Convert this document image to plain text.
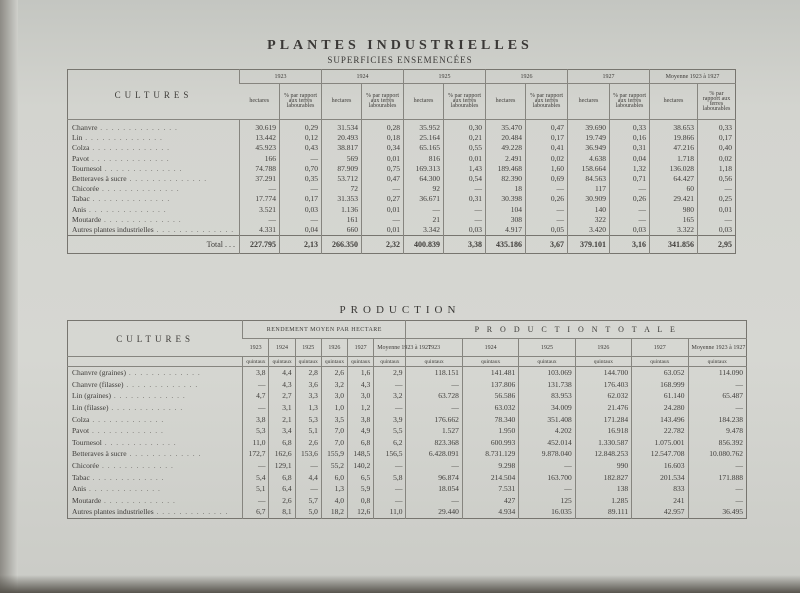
PLANTES INDUSTRIELLES
SUPERFICIES ENSEMENCÉES
CULTURES	1923		1924		1925		1926		1927		Moyenne 1923 à 1927	
	hectares	% par rapport aux terres labourables	hectares	% par rapport aux terres labourables	hectares	% par rapport aux terres labourables	hectares	% par rapport aux terres labourables	hectares	% par rapport aux terres labourables	hectares	% par rapport aux terres labourables

Chanvre . . . . . . . . . . . . . .	30.619	0,29	31.534	0,28	35.952	0,30	35.470	0,47	39.690	0,33	38.653	0,33
Lin . . . . . . . . . . . . . .	13.442	0,12	20.493	0,18	25.164	0,21	20.484	0,17	19.749	0,16	19.866	0,17
Colza . . . . . . . . . . . . . .	45.923	0,43	38.817	0,34	65.165	0,55	49.228	0,41	36.949	0,31	47.216	0,40
Pavot . . . . . . . . . . . . . .	166	—	569	0,01	816	0,01	2.491	0,02	4.638	0,04	1.718	0,02
Tournesol . . . . . . . . . . . . . .	74.788	0,70	87.909	0,75	169.313	1,43	189.468	1,60	158.664	1,32	136.028	1,18
Betteraves à sucre . . . . . . . . . . . . . .	37.291	0,35	53.712	0,47	64.300	0,54	82.390	0,69	84.563	0,71	64.427	0,56
Chicorée . . . . . . . . . . . . . .	—	—	72	—	92	—	18	—	117	—	60	—
Tabac . . . . . . . . . . . . . .	17.774	0,17	31.353	0,27	36.671	0,31	30.398	0,26	30.909	0,26	29.421	0,25
Anis . . . . . . . . . . . . . .	3.521	0,03	1.136	0,01	—	—	104	—	140	—	980	0,01
Moutarde . . . . . . . . . . . . . .	—	—	161	—	21	—	308	—	322	—	165	—
Autres plantes industrielles . . . . . . . . . . . . . .	4.331	0,04	660	0,01	3.342	0,03	4.917	0,05	3.420	0,03	3.322	0,03
Total . . .	227.795	2,13	266.350	2,32	400.839	3,38	435.186	3,67	379.101	3,16	341.856	2,95
PRODUCTION
CULTURES	RENDEMENT MOYEN PAR HECTARE						P R O D U C T I O N T O T A L E					
	1923	1924	1925	1926	1927	Moyenne 1923 à 1927	1923	1924	1925	1926	1927	Moyenne 1923 à 1927
	quintaux	quintaux	quintaux	quintaux	quintaux	quintaux	quintaux	quintaux	quintaux	quintaux	quintaux	quintaux
Chanvre (graines) . . . . . . . . . . . . .	3,8	4,4	2,8	2,6	1,6	2,9	118.151	141.481	103.069	144.700	63.052	114.090
Chanvre (filasse) . . . . . . . . . . . . .	—	4,3	3,6	3,2	4,3	—	—	137.806	131.738	176.403	168.999	—
Lin (graines) . . . . . . . . . . . . .	4,7	2,7	3,3	3,0	3,0	3,2	63.728	56.586	83.953	62.032	61.140	65.487
Lin (filasse) . . . . . . . . . . . . .	—	3,1	1,3	1,0	1,2	—	—	63.032	34.009	21.476	24.280	—
Colza . . . . . . . . . . . . .	3,8	2,1	5,3	3,5	3,8	3,9	176.662	78.340	351.408	171.284	143.496	184.238
Pavot . . . . . . . . . . . . .	5,3	3,4	5,1	7,0	4,9	5,5	1.527	1.950	4.202	16.918	22.782	9.478
Tournesol . . . . . . . . . . . . .	11,0	6,8	2,6	7,0	6,8	6,2	823.368	600.993	452.014	1.330.587	1.075.001	856.392
Betteraves à sucre . . . . . . . . . . . . .	172,7	162,6	153,6	155,9	148,5	156,5	6.428.091	8.731.129	9.878.040	12.848.253	12.547.708	10.080.762
Chicorée . . . . . . . . . . . . .	—	129,1	—	55,2	140,2	—	—	9.298	—	990	16.603	—
Tabac . . . . . . . . . . . . .	5,4	6,8	4,4	6,0	6,5	5,8	96.874	214.504	163.700	182.827	201.534	171.888
Anis . . . . . . . . . . . . .	5,1	6,4	—	1,3	5,9	—	18.054	7.531	—	138	833	—
Moutarde . . . . . . . . . . . . .	—	2,6	5,7	4,0	0,8	—	—	427	125	1.285	241	—
Autres plantes industrielles . . . . . . . . . . . . .	6,7	8,1	5,0	18,2	12,6	11,0	29.440	4.934	16.035	89.111	42.957	36.495
